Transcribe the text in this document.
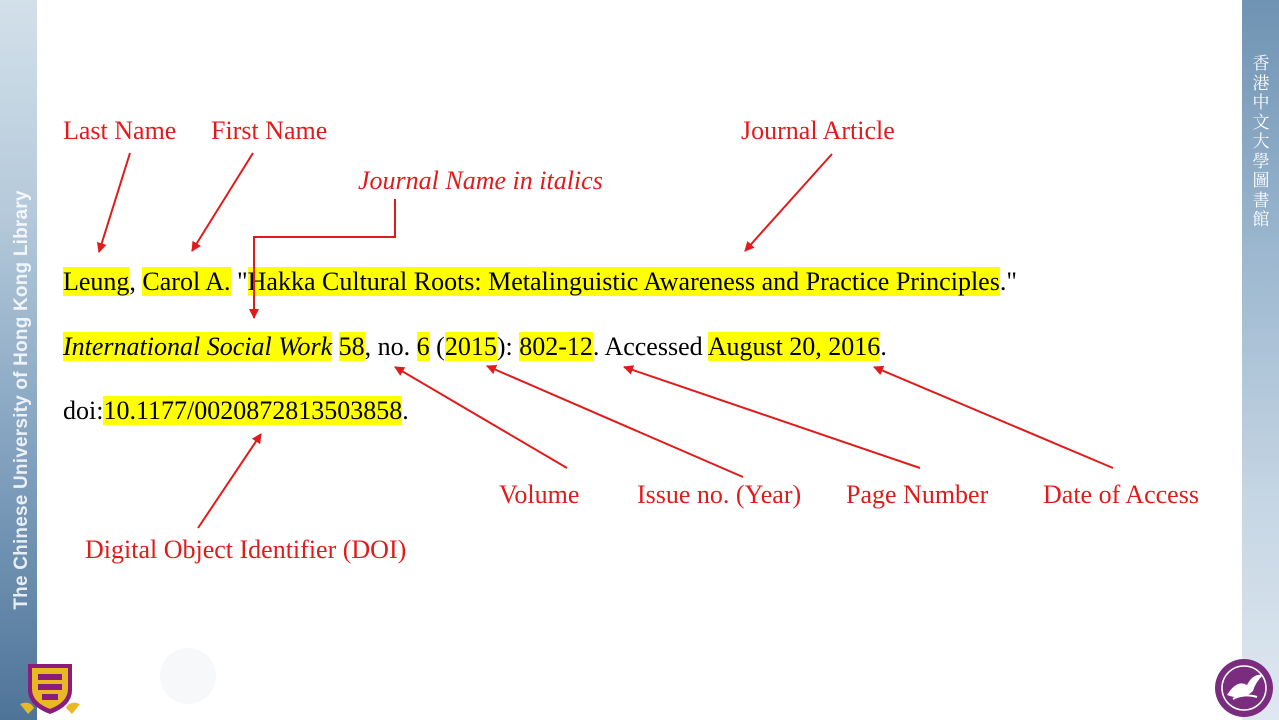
The Chinese University of Hong Kong Library
香
港
中
文
大
學
圖
書
館
Last Name First Name	Journal Article
Journal Name in italics
Volume Issue no. (Year) Page Number Date of Access
Digital Object Identifier (DOI)
Leung, Carol A. "Hakka Cultural Roots: Metalinguistic Awareness and Practice Principles."
International Social Work 58, no. 6 (2015): 802-12. Accessed August 20, 2016.
doi:10.1177/0020872813503858.
